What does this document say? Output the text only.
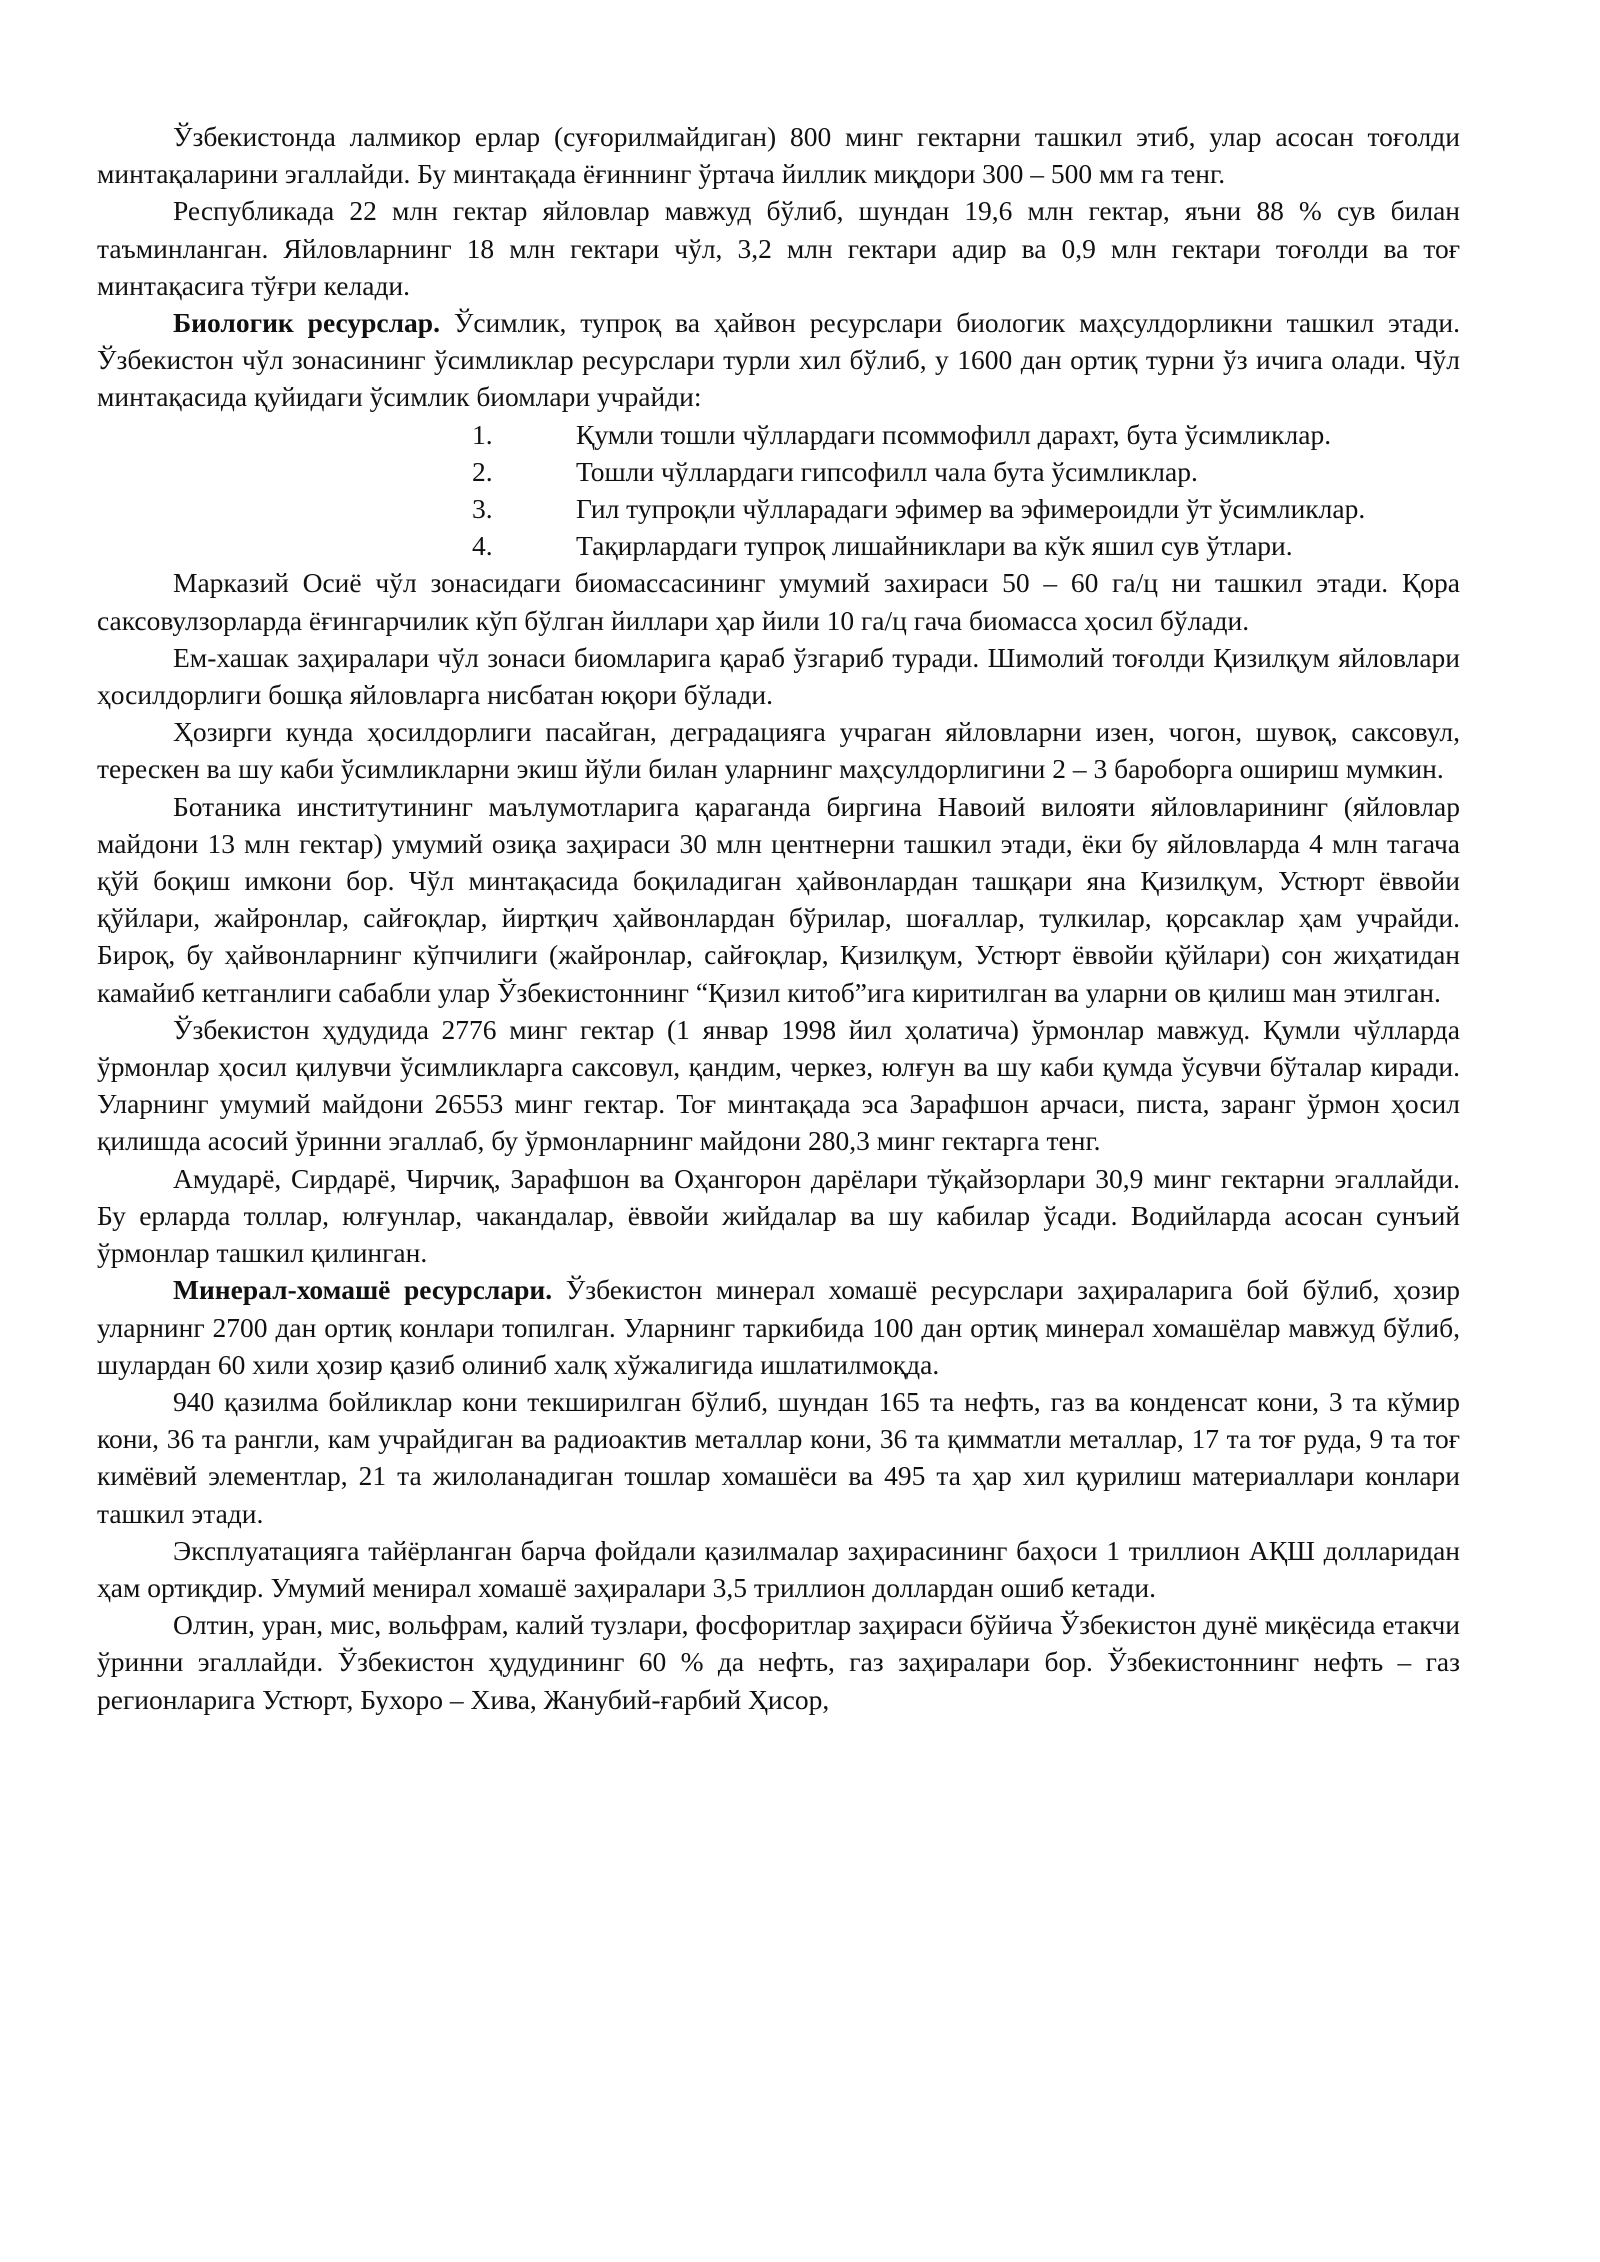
Ўзбекистонда лалмикор ерлар (суғорилмайдиган) 800 минг гектарни ташкил этиб, улар асосан тоғолди минтақаларини эгаллайди. Бу минтақада ёғиннинг ўртача йиллик миқдори 300 – 500 мм га тенг.

Республикада 22 млн гектар яйловлар мавжуд бўлиб, шундан 19,6 млн гектар, яъни 88 % сув билан таъминланган. Яйловларнинг 18 млн гектари чўл, 3,2 млн гектари адир ва 0,9 млн гектари тоғолди ва тоғ минтақасига тўғри келади.

Биологик ресурслар. Ўсимлик, тупроқ ва ҳайвон ресурслари биологик маҳсулдорликни ташкил этади. Ўзбекистон чўл зонасининг ўсимликлар ресурслари турли хил бўлиб, у 1600 дан ортиқ турни ўз ичига олади. Чўл минтақасида қуйидаги ўсимлик биомлари учрайди:

1.	Қумли тошли чўллардаги псоммофилл дарахт, бута ўсимликлар.

2.	Тошли чўллардаги гипсофилл чала бута ўсимликлар.

3.	Гил тупроқли чўлларадаги эфимер ва эфимероидли ўт ўсимликлар.

4.	Тақирлардаги тупроқ лишайниклари ва кўк яшил сув ўтлари.

Марказий Осиё чўл зонасидаги биомассасининг умумий захираси 50 – 60 га/ц ни ташкил этади. Қора саксовулзорларда ёғингарчилик кўп бўлган йиллари ҳар йили 10 га/ц гача биомасса ҳосил бўлади.

Ем-хашак заҳиралари чўл зонаси биомларига қараб ўзгариб туради. Шимолий тоғолди Қизилқум яйловлари ҳосилдорлиги бошқа яйловларга нисбатан юқори бўлади.

Ҳозирги кунда ҳосилдорлиги пасайган, деградацияга учраган яйловларни изен, чогон, шувоқ, саксовул, терескен ва шу каби ўсимликларни экиш йўли билан уларнинг маҳсулдорлигини 2 – 3 бароборга ошириш мумкин.

Ботаника институтининг маълумотларига қараганда биргина Навоий вилояти яйловларининг (яйловлар майдони 13 млн гектар) умумий озиқа заҳираси 30 млн центнерни ташкил этади, ёки бу яйловларда 4 млн тагача қўй боқиш имкони бор. Чўл минтақасида боқиладиган ҳайвонлардан ташқари яна Қизилқум, Устюрт ёввойи қўйлари, жайронлар, сайғоқлар, йиртқич ҳайвонлардан бўрилар, шоғаллар, тулкилар, қорсаклар ҳам учрайди. Бироқ, бу ҳайвонларнинг кўпчилиги (жайронлар, сайғоқлар, Қизилқум, Устюрт ёввойи қўйлари) сон жиҳатидан камайиб кетганлиги сабабли улар Ўзбекистоннинг “Қизил китоб”ига киритилган ва уларни ов қилиш ман этилган.

Ўзбекистон ҳудудида 2776 минг гектар (1 январ 1998 йил ҳолатича) ўрмонлар мавжуд. Қумли чўлларда ўрмонлар ҳосил қилувчи ўсимликларга саксовул, қандим, черкез, юлғун ва шу каби қумда ўсувчи бўталар киради. Уларнинг умумий майдони 26553 минг гектар. Тоғ минтақада эса Зарафшон арчаси, писта, заранг ўрмон ҳосил қилишда асосий ўринни эгаллаб, бу ўрмонларнинг майдони 280,3 минг гектарга тенг.

Амударё, Сирдарё, Чирчиқ, Зарафшон ва Оҳангорон дарёлари тўқайзорлари 30,9 минг гектарни эгаллайди. Бу ерларда толлар, юлғунлар, чакандалар, ёввойи жийдалар ва шу кабилар ўсади. Водийларда асосан сунъий ўрмонлар ташкил қилинган.

Минерал-хомашё ресурслари. Ўзбекистон минерал хомашё ресурслари заҳираларига бой бўлиб, ҳозир уларнинг 2700 дан ортиқ конлари топилган. Уларнинг таркибида 100 дан ортиқ минерал хомашёлар мавжуд бўлиб, шулардан 60 хили ҳозир қазиб олиниб халқ хўжалигида ишлатилмоқда.

940 қазилма бойликлар кони текширилган бўлиб, шундан 165 та нефть, газ ва конденсат кони, 3 та кўмир кони, 36 та рангли, кам учрайдиган ва радиоактив металлар кони, 36 та қимматли металлар, 17 та тоғ руда, 9 та тоғ кимёвий элементлар, 21 та жилоланадиган тошлар хомашёси ва 495 та ҳар хил қурилиш материаллари конлари ташкил этади.

Эксплуатацияга тайёрланган барча фойдали қазилмалар заҳирасининг баҳоси 1 триллион АҚШ долларидан ҳам ортиқдир. Умумий менирал хомашё заҳиралари 3,5 триллион доллардан ошиб кетади.

Олтин, уран, мис, вольфрам, калий тузлари, фосфоритлар заҳираси бўйича Ўзбекистон дунё миқёсида етакчи ўринни эгаллайди. Ўзбекистон ҳудудининг 60 % да нефть, газ заҳиралари бор. Ўзбекистоннинг нефть – газ регионларига Устюрт, Бухоро – Хива, Жанубий-ғарбий Ҳисор,
